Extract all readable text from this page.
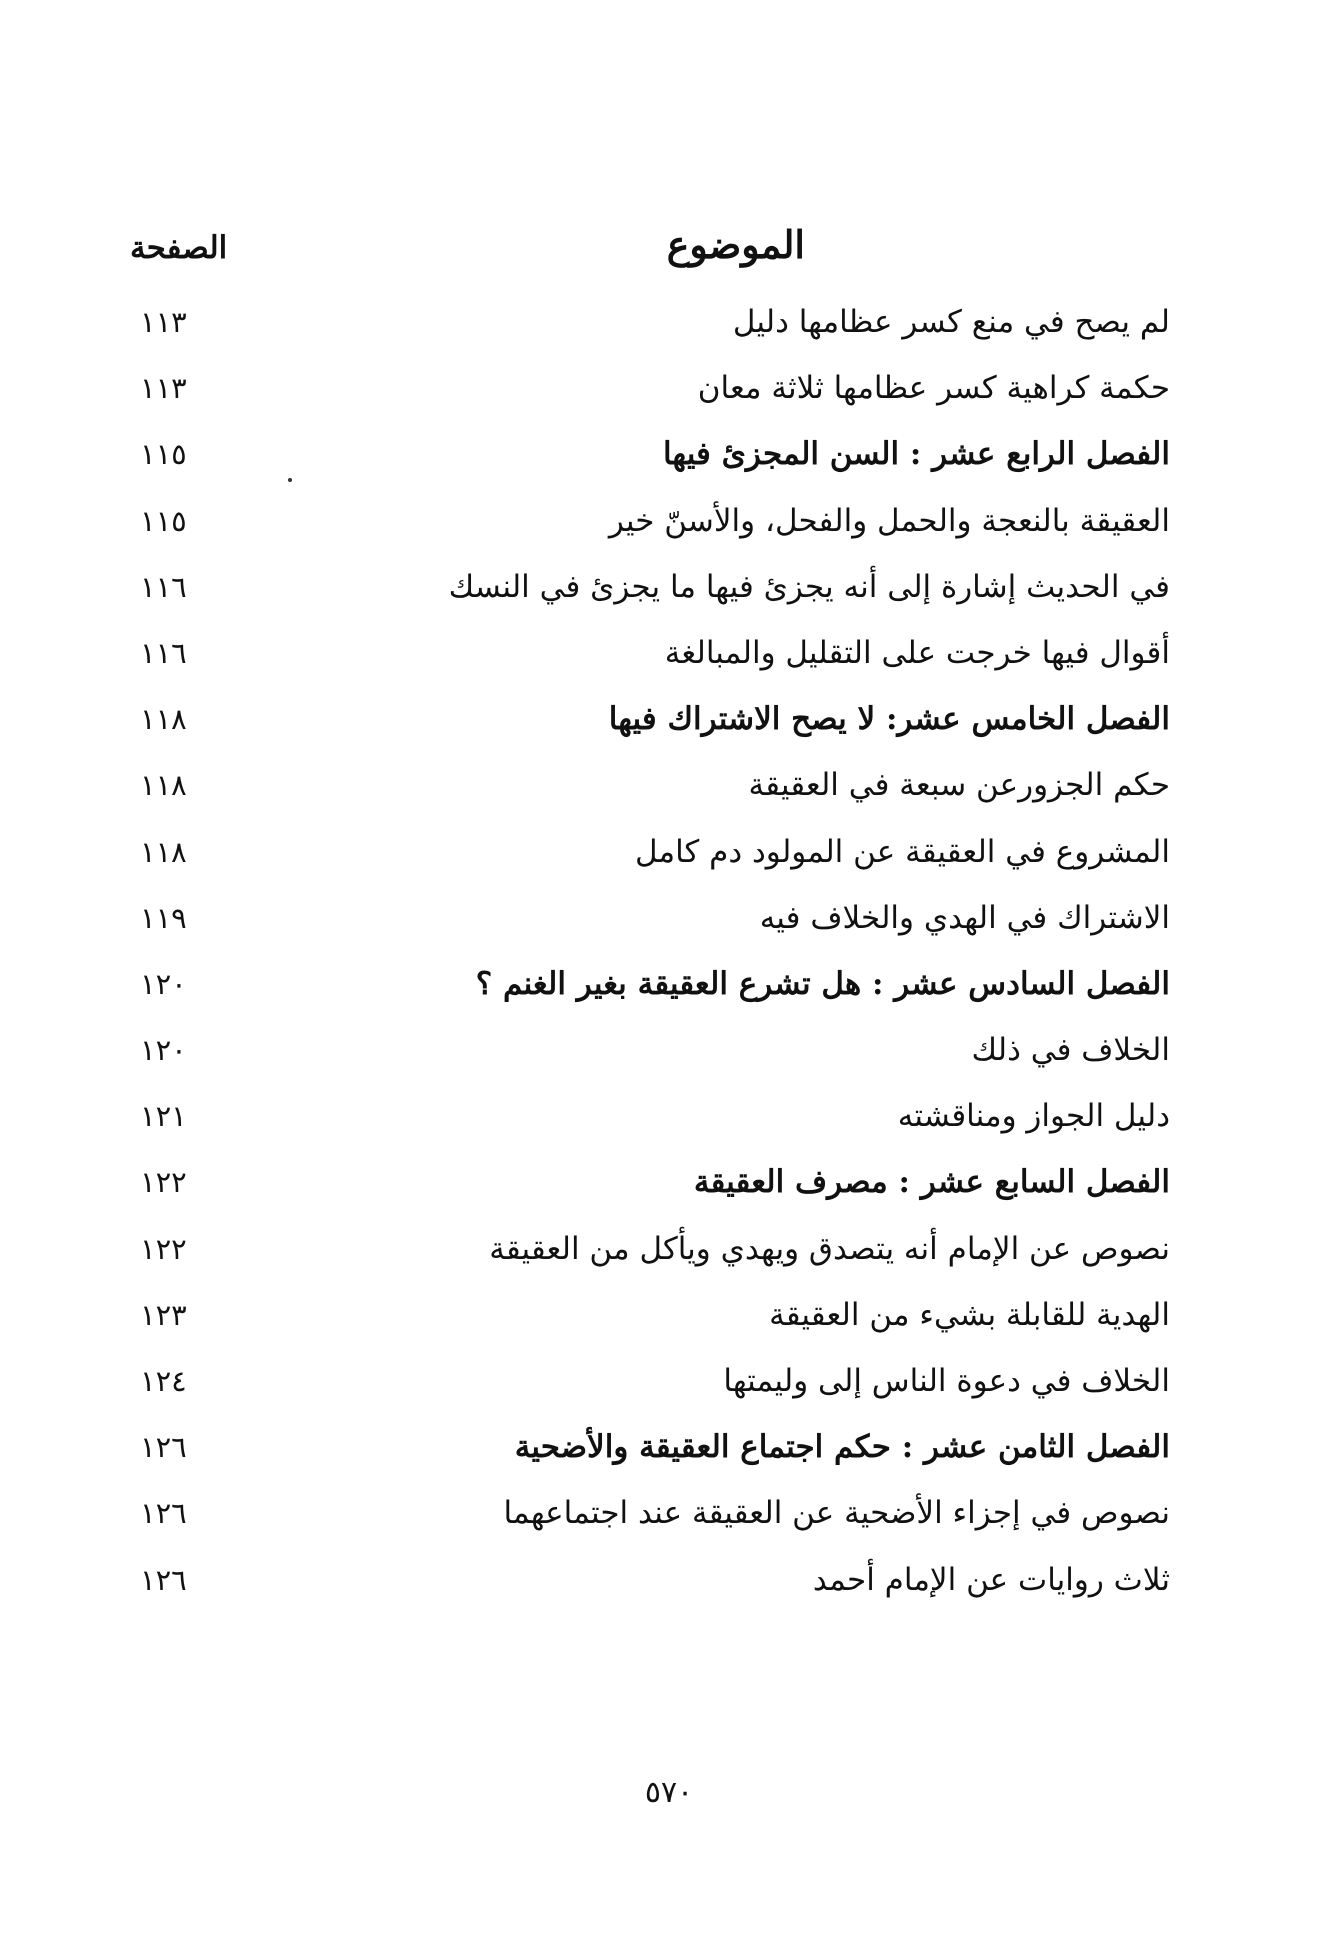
الموضوع
الصفحة
لم يصح في منع كسر عظامها دليل
١١٣
حكمة كراهية كسر عظامها ثلاثة معان
١١٣
الفصل الرابع عشر : السن المجزئ فيها
١١٥
العقيقة بالنعجة والحمل والفحل، والأسنّ خير
١١٥
في الحديث إشارة إلى أنه يجزئ فيها ما يجزئ في النسك
١١٦
أقوال فيها خرجت على التقليل والمبالغة
١١٦
الفصل الخامس عشر: لا يصح الاشتراك فيها
١١٨
حكم الجزورعن سبعة في العقيقة
١١٨
المشروع في العقيقة عن المولود دم كامل
١١٨
الاشتراك في الهدي والخلاف فيه
١١٩
الفصل السادس عشر : هل تشرع العقيقة بغير الغنم ؟
١٢٠
الخلاف في ذلك
١٢٠
دليل الجواز ومناقشته
١٢١
الفصل السابع عشر : مصرف العقيقة
١٢٢
نصوص عن الإمام أنه يتصدق ويهدي ويأكل من العقيقة
١٢٢
الهدية للقابلة بشيء من العقيقة
١٢٣
الخلاف في دعوة الناس إلى وليمتها
١٢٤
الفصل الثامن عشر : حكم اجتماع العقيقة والأضحية
١٢٦
نصوص في إجزاء الأضحية عن العقيقة عند اجتماعهما
١٢٦
ثلاث روايات عن الإمام أحمد
١٢٦
٥٧٠
